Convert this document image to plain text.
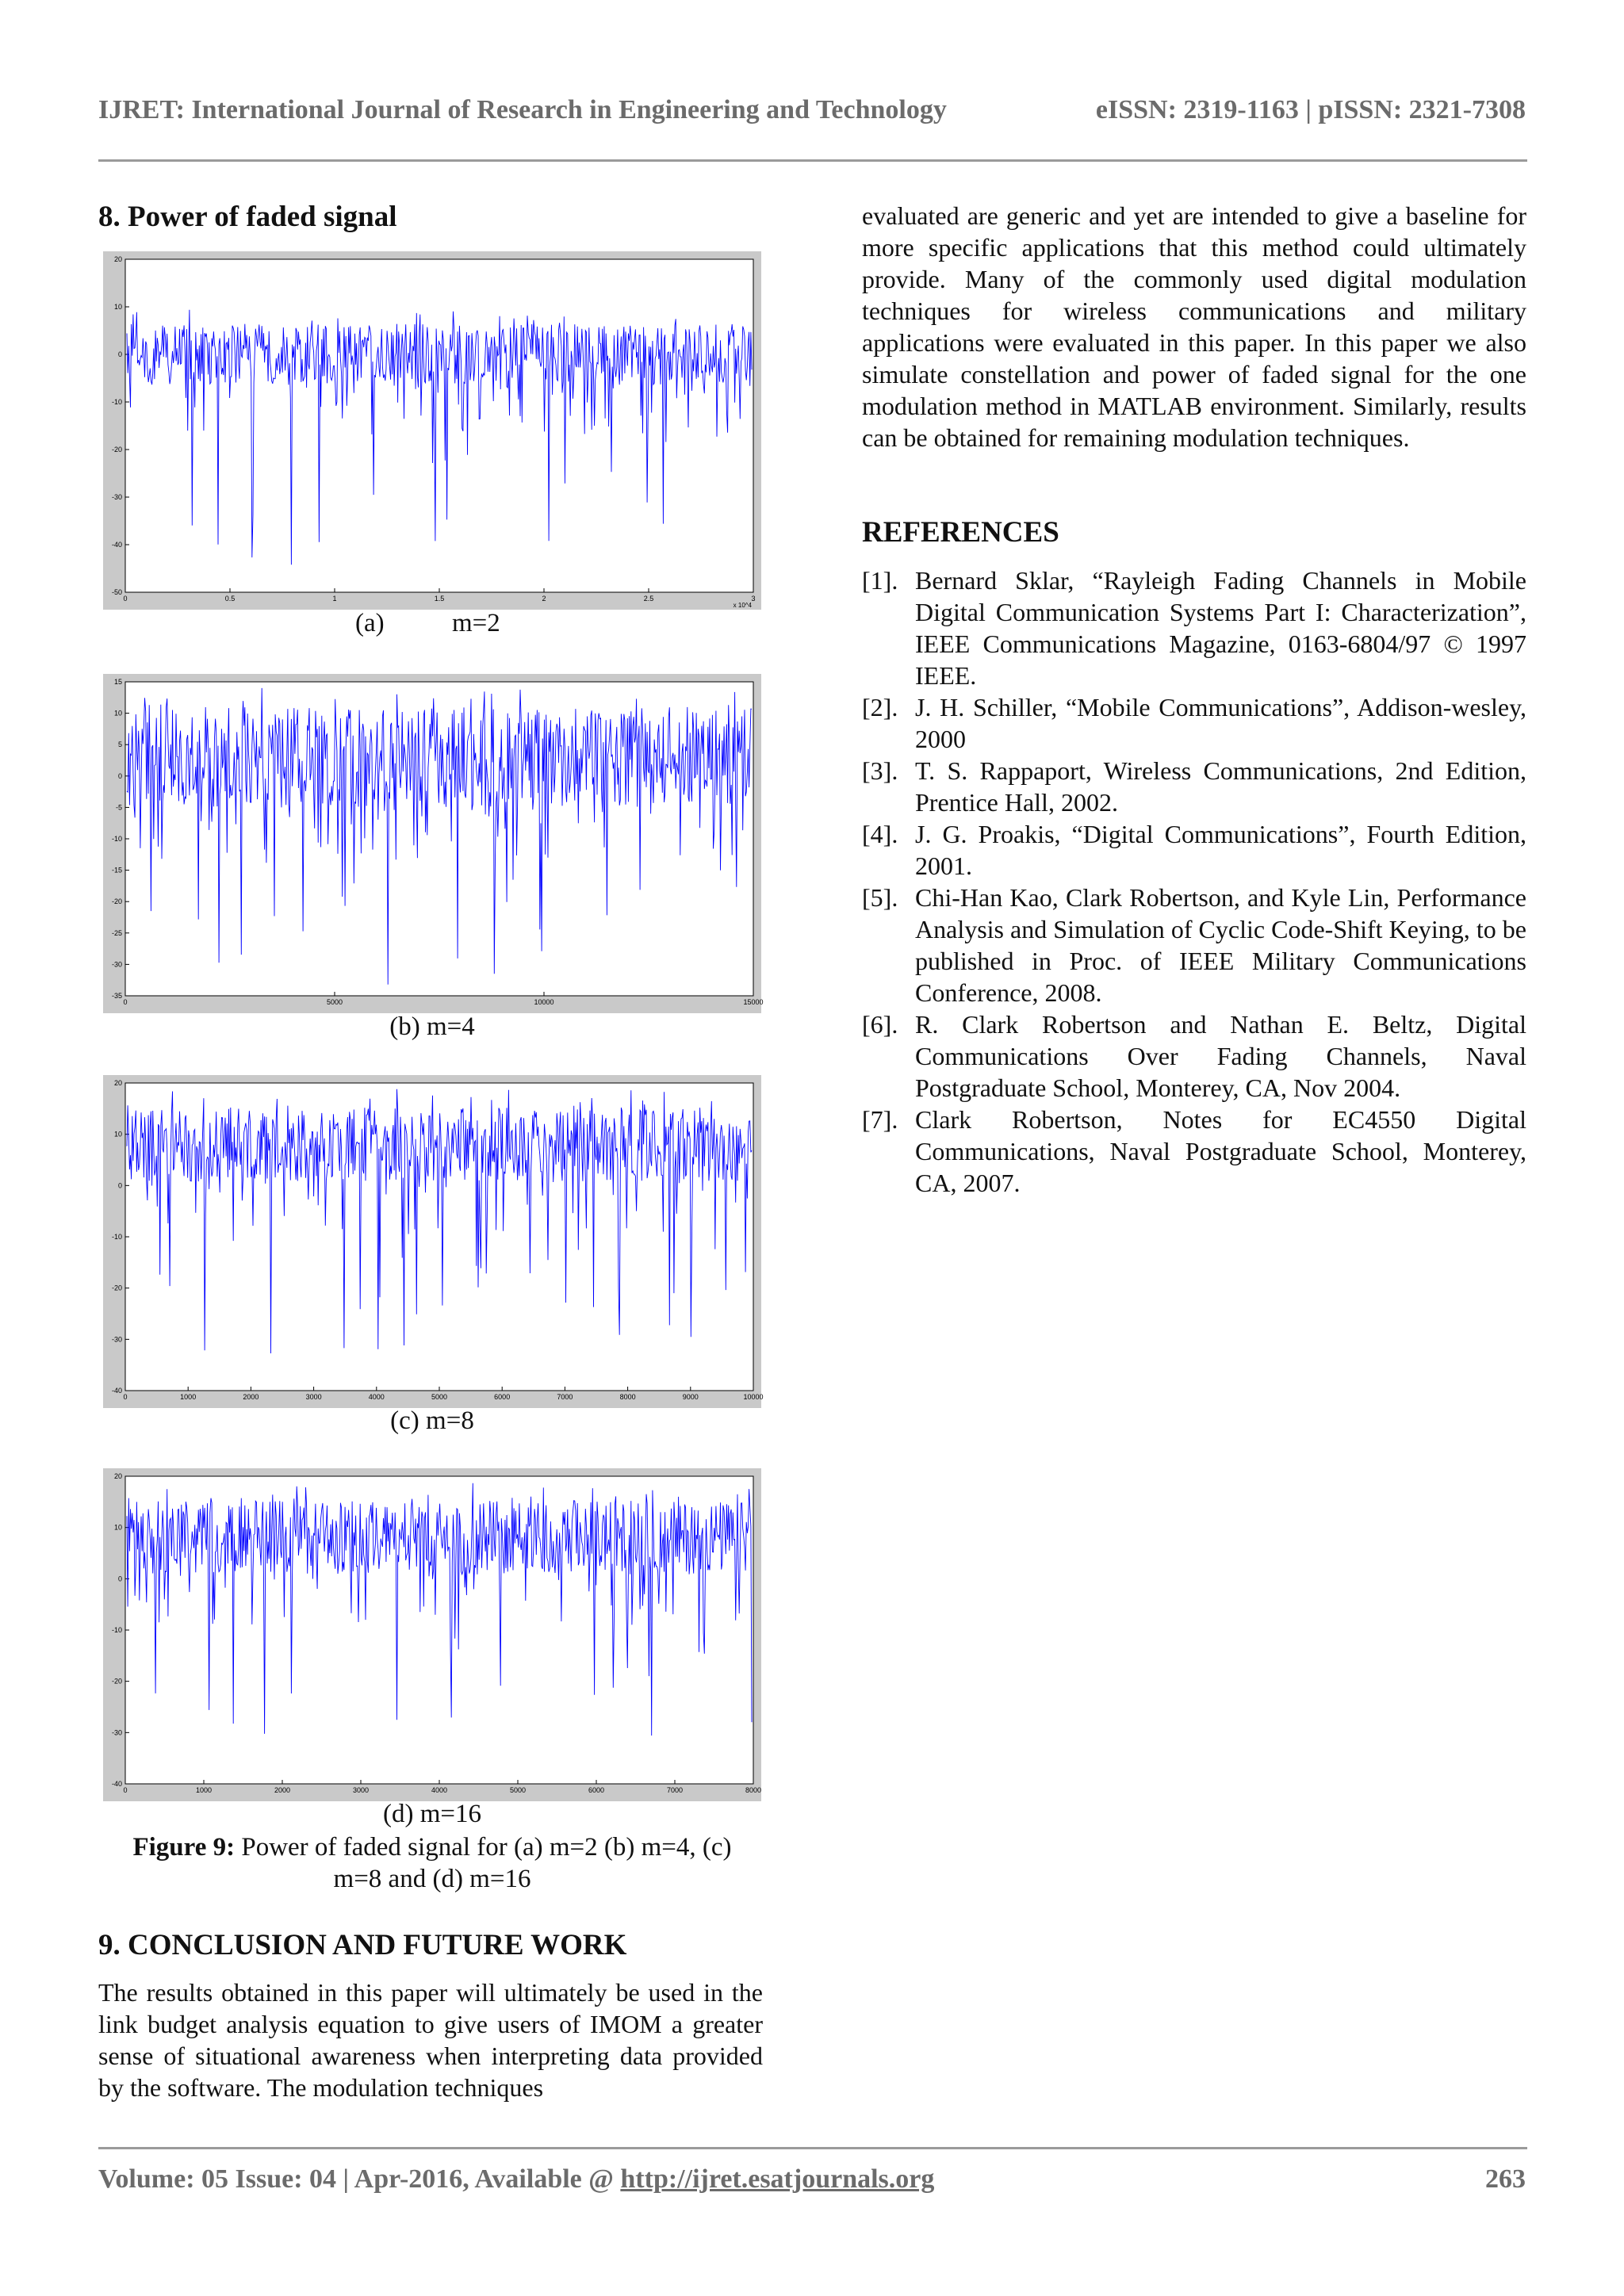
IJRET: International Journal of Research in Engineering and Technology	eISSN: 2319-1163 | pISSN: 2321-7308
8. Power of faded signal
20
10
0
-10
-20
-30
-40
-50
0	0.5	1	1.5	2	2.5	3
x 10^4
(a)	m=2
15
10
5
0
-5
-10
-15
-20
-25
-30
-35
0	5000	10000	15000
(b) m=4
20
10
0
-10
-20
-30
-40
0	1000	2000	3000	4000	5000	6000	7000	8000	9000	10000
(c) m=8
20
10
0
-10
-20
-30
-40
0	1000	2000	3000	4000	5000	6000	7000	8000
(d) m=16
Figure 9: Power of faded signal for (a) m=2 (b) m=4, (c)
m=8 and (d) m=16
9. CONCLUSION AND FUTURE WORK
The results obtained in this paper will ultimately be used in the link budget analysis equation to give users of IMOM a greater sense of situational awareness when interpreting data provided by the software. The modulation techniques
evaluated are generic and yet are intended to give a baseline for more specific applications that this method could ultimately provide. Many of the commonly used digital modulation techniques for wireless communications and military applications were evaluated in this paper. In this paper we also simulate constellation and power of faded signal for the one modulation method in MATLAB environment. Similarly, results can be obtained for remaining modulation techniques.
REFERENCES
[1]. Bernard Sklar, “Rayleigh Fading Channels in Mobile Digital Communication Systems Part I: Characterization”, IEEE Communications Magazine, 0163-6804/97 © 1997 IEEE.
[2]. J. H. Schiller, “Mobile Communications”, Addison-wesley, 2000
[3]. T. S. Rappaport, Wireless Communications, 2nd Edition, Prentice Hall, 2002.
[4]. J. G. Proakis, “Digital Communications”, Fourth Edition, 2001.
[5]. Chi-Han Kao, Clark Robertson, and Kyle Lin, Performance Analysis and Simulation of Cyclic Code-Shift Keying, to be published in Proc. of IEEE Military Communications Conference, 2008.
[6]. R. Clark Robertson and Nathan E. Beltz, Digital Communications Over Fading Channels, Naval Postgraduate School, Monterey, CA, Nov 2004.
[7]. Clark Robertson, Notes for EC4550 Digital Communications, Naval Postgraduate School, Monterey, CA, 2007.
Volume: 05 Issue: 04 | Apr-2016, Available @ http://ijret.esatjournals.org	263
